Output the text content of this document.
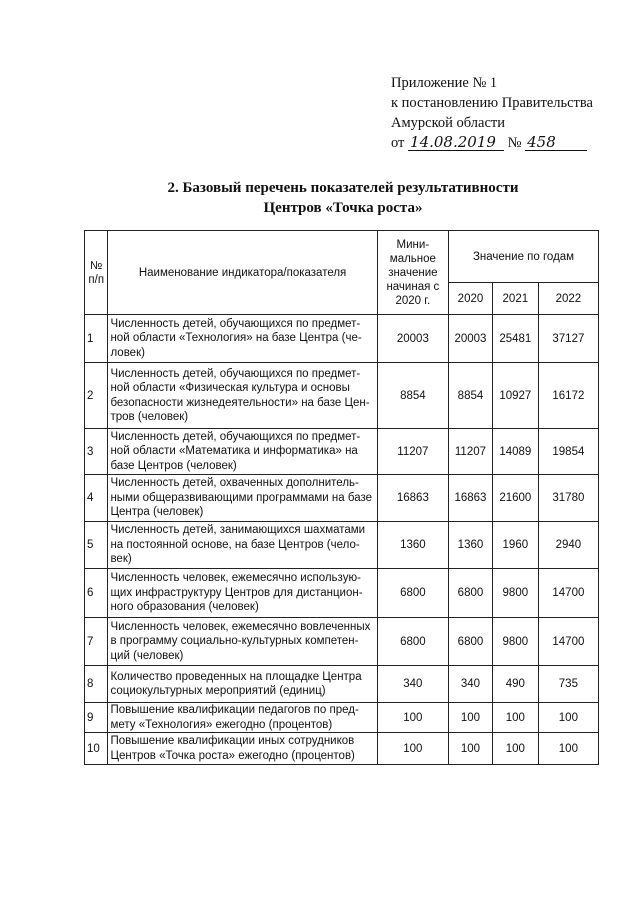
Приложение № 1
к постановлению Правительства
Амурской области
от 14.08.2019 № 458
2. Базовый перечень показателей результативности
Центров «Точка роста»
№ п/п	Наименование индикатора/показателя	Мини-мальное значение начиная с 2020 г.	Значение по годам		
			2020	2021	2022
1	Численность детей, обучающихся по предмет-ной области «Технология» на базе Центра (че-ловек)	20003	20003	25481	37127
2	Численность детей, обучающихся по предмет-ной области «Физическая культура и основы безопасности жизнедеятельности» на базе Цен-тров (человек)	8854	8854	10927	16172
3	Численность детей, обучающихся по предмет-ной области «Математика и информатика» на базе Центров (человек)	11207	11207	14089	19854
4	Численность детей, охваченных дополнитель-ными общеразвивающими программами на базе Центра (человек)	16863	16863	21600	31780
5	Численность детей, занимающихся шахматами на постоянной основе, на базе Центров (чело-век)	1360	1360	1960	2940
6	Численность человек, ежемесячно использую-щих инфраструктуру Центров для дистанцион-ного образования (человек)	6800	6800	9800	14700
7	Численность человек, ежемесячно вовлеченных в программу социально-культурных компетен-ций (человек)	6800	6800	9800	14700
8	Количество проведенных на площадке Центра социокультурных мероприятий (единиц)	340	340	490	735
9	Повышение квалификации педагогов по пред-мету «Технология» ежегодно (процентов)	100	100	100	100
10	Повышение квалификации иных сотрудников Центров «Точка роста» ежегодно (процентов)	100	100	100	100
